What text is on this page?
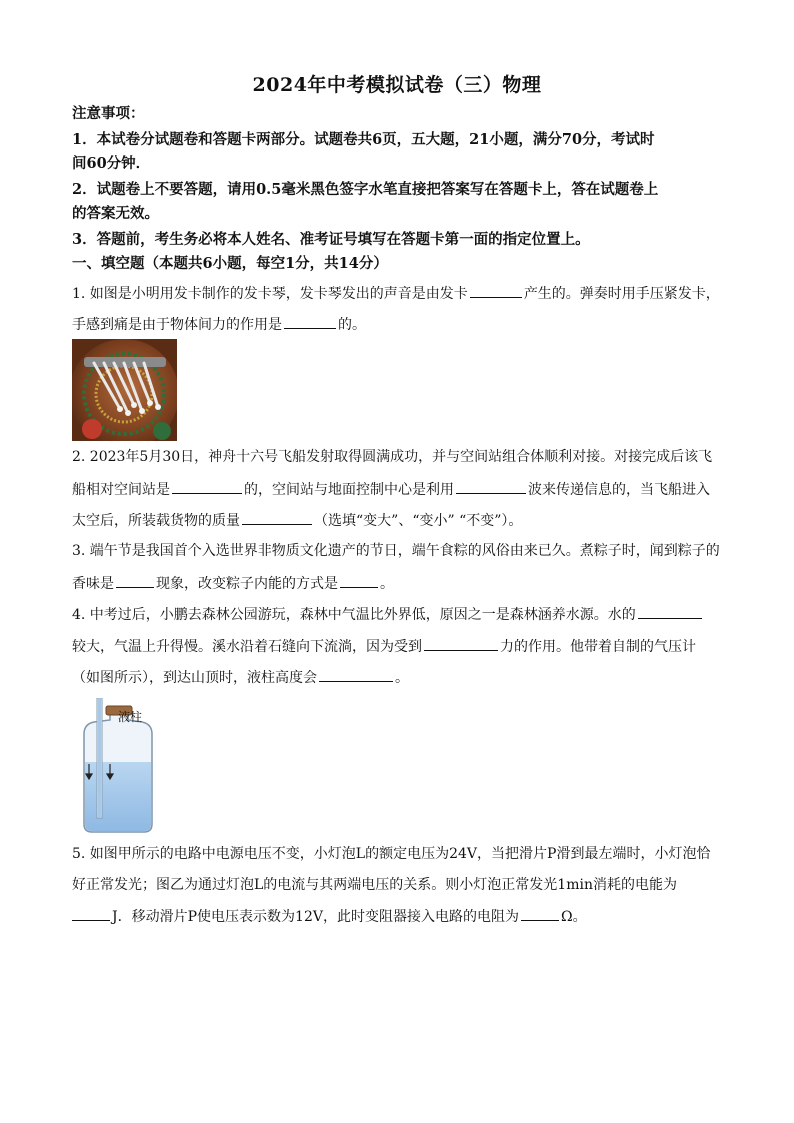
2024年中考模拟试卷（三）物理
注意事项：
1．本试卷分试题卷和答题卡两部分。试题卷共6页，五大题，21小题，满分70分，考试时
间60分钟．
2．试题卷上不要答题，请用0.5毫米黑色签字水笔直接把答案写在答题卡上，答在试题卷上
的答案无效。
3．答题前，考生务必将本人姓名、准考证号填写在答题卡第一面的指定位置上。
一、填空题（本题共6小题，每空1分，共14分）
1. 如图是小明用发卡制作的发卡琴，发卡琴发出的声音是由发卡	产生的。弹奏时用手压紧发卡，
手感到痛是由于物体间力的作用是	的。
2. 2023年5月30日，神舟十六号飞船发射取得圆满成功，并与空间站组合体顺利对接。对接完成后该飞
船相对空间站是	的，空间站与地面控制中心是利用	波来传递信息的，当飞船进入
太空后，所装载货物的质量	（选填“变大”、“变小” “不变”）。
3. 端午节是我国首个入选世界非物质文化遗产的节日，端午食粽的风俗由来已久。煮粽子时，闻到粽子的
香味是	现象，改变粽子内能的方式是	。
4. 中考过后，小鹏去森林公园游玩，森林中气温比外界低，原因之一是森林涵养水源。水的
较大，气温上升得慢。溪水沿着石缝向下流淌，因为受到	力的作用。他带着自制的气压计
（如图所示），到达山顶时，液柱高度会	。
液柱
5. 如图甲所示的电路中电源电压不变，小灯泡L的额定电压为24V，当把滑片P滑到最左端时，小灯泡恰
好正常发光；图乙为通过灯泡L的电流与其两端电压的关系。则小灯泡正常发光1min消耗的电能为
J．移动滑片P使电压表示数为12V，此时变阻器接入电路的电阻为	Ω。
